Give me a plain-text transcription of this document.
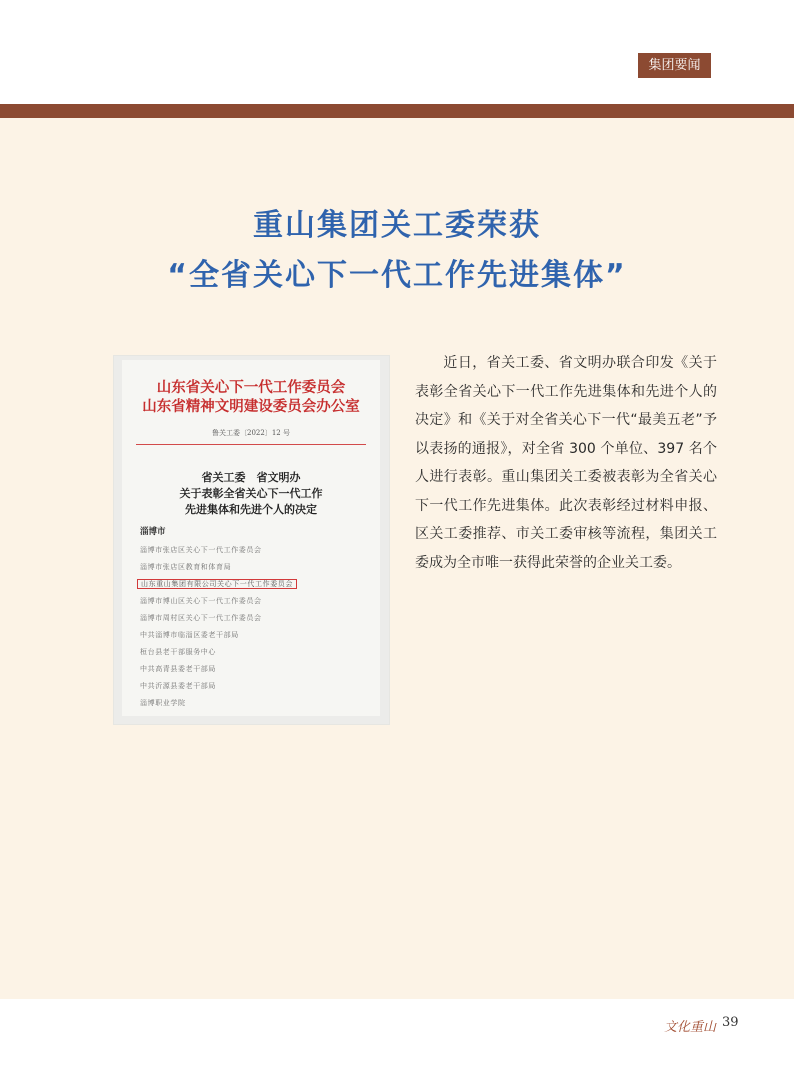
集团要闻
重山集团关工委荣获
“全省关心下一代工作先进集体”
山东省关心下一代工作委员会
山东省精神文明建设委员会办公室
鲁关工委〔2022〕12 号
省关工委　省文明办
关于表彰全省关心下一代工作
先进集体和先进个人的决定
淄博市
淄博市张店区关心下一代工作委员会
淄博市张店区教育和体育局
山东重山集团有限公司关心下一代工作委员会
淄博市博山区关心下一代工作委员会
淄博市周村区关心下一代工作委员会
中共淄博市临淄区委老干部局
桓台县老干部服务中心
中共高青县委老干部局
中共沂源县委老干部局
淄博职业学院

近日，省关工委、省文明办联合印发《关于表彰全省关心下一代工作先进集体和先进个人的决定》和《关于对全省关心下一代“最美五老”予以表扬的通报》，对全省 300 个单位、397 名个人进行表彰。重山集团关工委被表彰为全省关心下一代工作先进集体。此次表彰经过材料申报、区关工委推荐、市关工委审核等流程，集团关工委成为全市唯一获得此荣誉的企业关工委。

文化重山 39
